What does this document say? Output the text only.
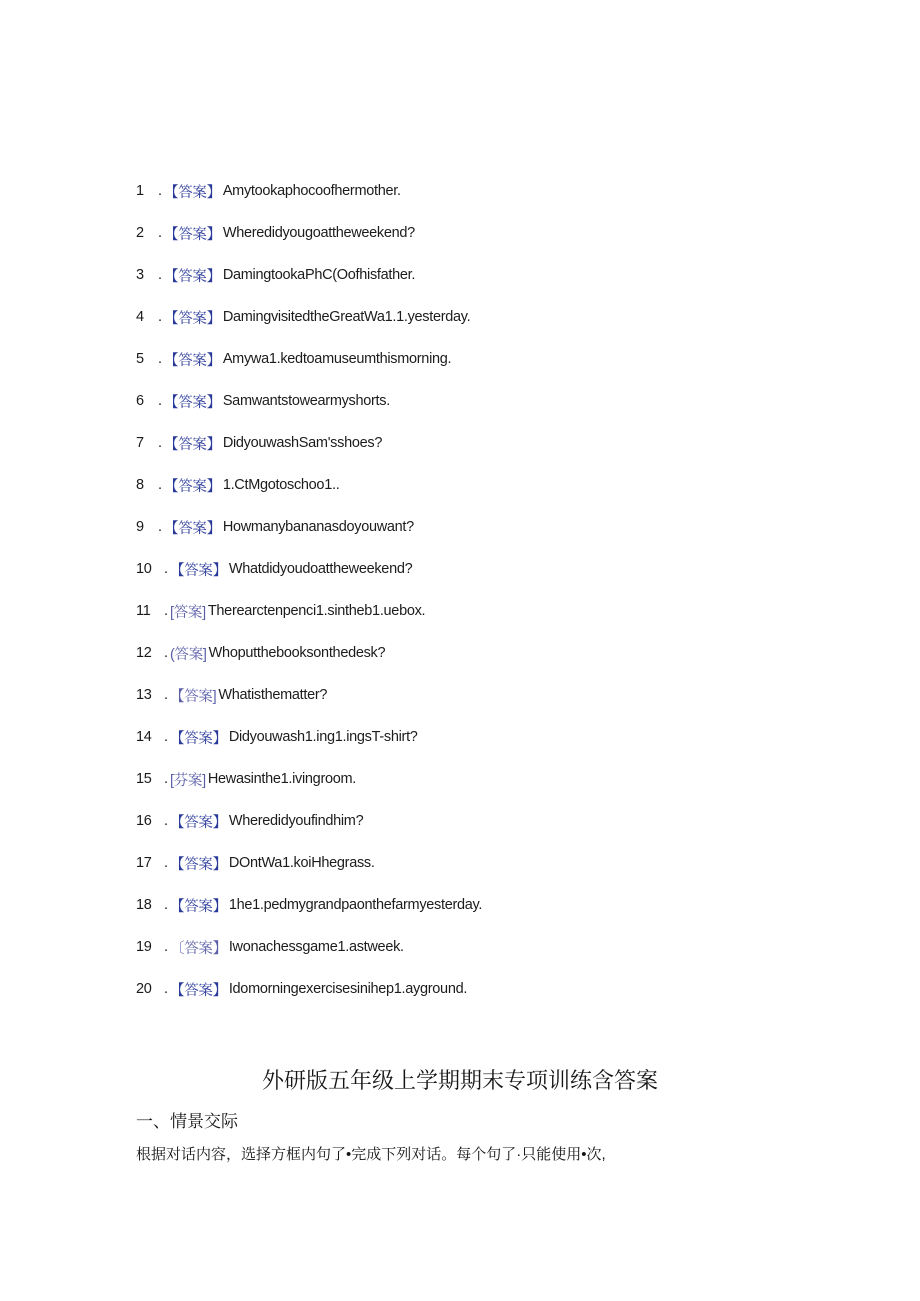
1 . 【答案】 Amytookaphocoofhermother.
2 . 【答案】 Wheredidyougoattheweekend?
3 . 【答案】 DamingtookaPhC(Oofhisfather.
4 . 【答案】 DamingvisitedtheGreatWa1.1.yesterday.
5 . 【答案】 Amywa1.kedtoamuseumthismorning.
6 . 【答案】 Samwantstowearmyshorts.
7 . 【答案】 DidyouwashSam'sshoes?
8 . 【答案】 1.CtMgotoschoo1..
9 . 【答案】 Howmanybananasdoyouwant?
10 . 【答案】 Whatdidyoudoattheweekend?
11 . [答案] Therearctenpenci1.sintheb1.uebox.
12 . (答案] Whoputthebooksonthedesk?
13 . 【答案] Whatisthematter?
14 . 【答案】 Didyouwash1.ing1.ingsT-shirt?
15 . [芬案] Hewasinthe1.ivingroom.
16 . 【答案】 Wheredidyoufindhim?
17 . 【答案】 DOntWa1.koiHhegrass.
18 . 【答案】 1he1.pedmygrandpaonthefarmyesterday.
19 . 〔答案】 Iwonachessgame1.astweek.
20 . 【答案】 Idomorningexercisesinihep1.ayground.
外研版五年级上学期期末专项训练含答案
一、情景交际
根据对话内容，选择方框内句了•完成下列对话。每个句了·只能使用•次,
